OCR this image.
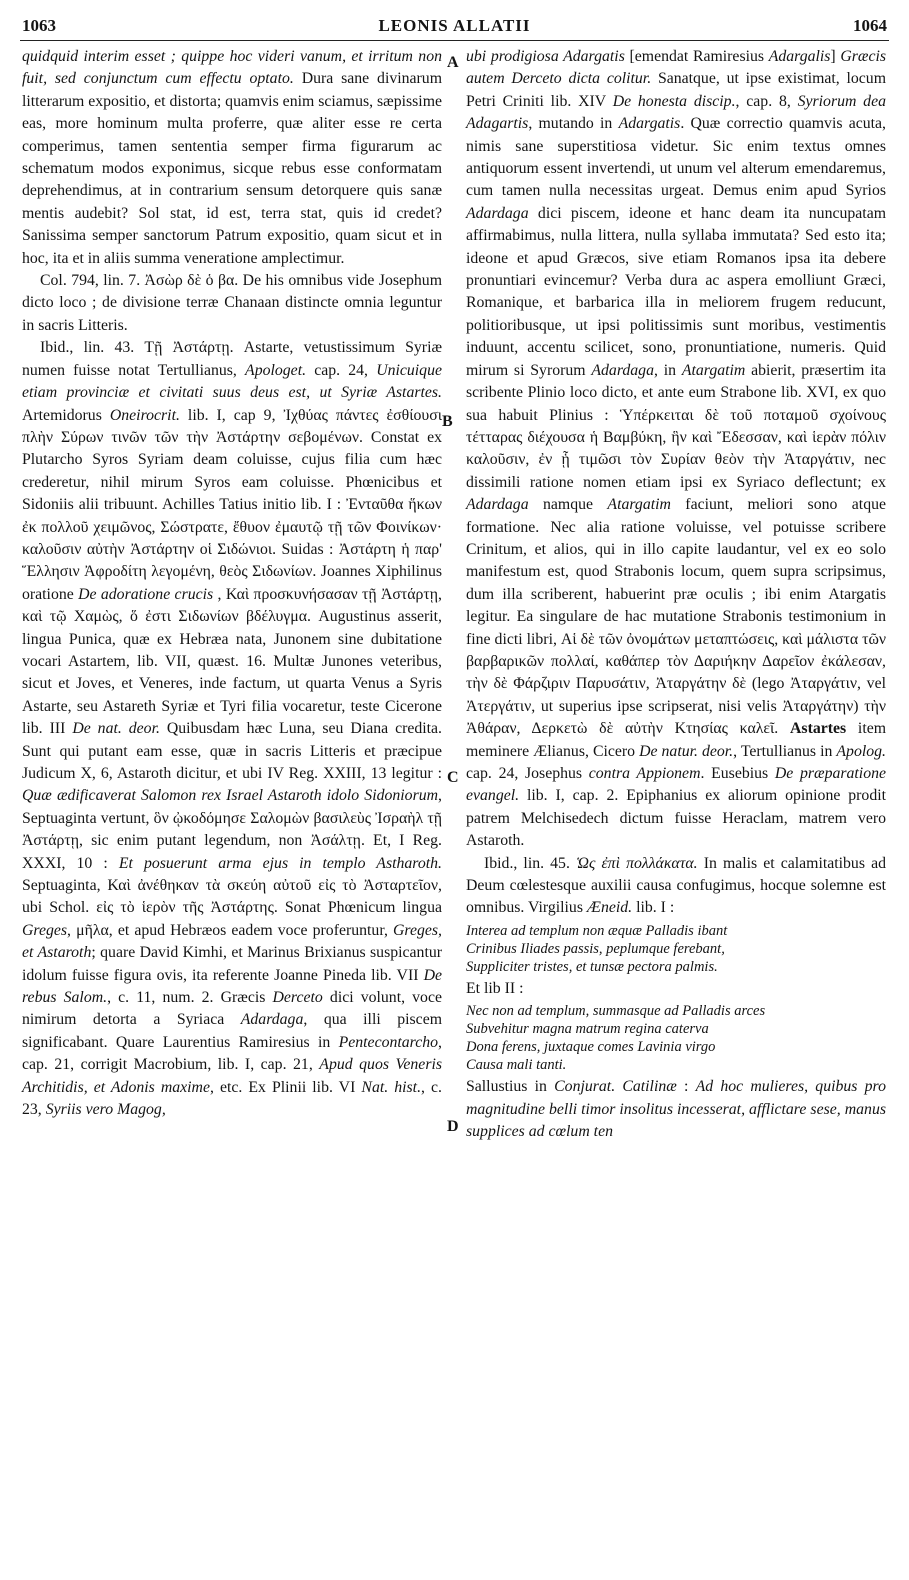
1063	LEONIS ALLATII	1064
A
B
C
D

quidquid interim esset ; quippe hoc videri vanum, et irritum non fuit, sed conjunctum cum effectu optato. Dura sane divinarum litterarum expositio, et distorta; quamvis enim sciamus, sæpissime eas, more hominum multa proferre, quæ aliter esse re certa comperimus, tamen sententia semper firma figurarum ac schematum modos exponimus, sicque rebus esse conformatam deprehendimus, at in contrarium sensum detorquere quis sanæ mentis audebit? Sol stat, id est, terra stat, quis id credet? Sanissima semper sanctorum Patrum expositio, quam sicut et in hoc, ita et in aliis summa veneratione amplectimur.

Col. 794, lin. 7. Ἀσὼρ δὲ ὁ βα. De his omnibus vide Josephum dicto loco ; de divisione terræ Chanaan distincte omnia leguntur in sacris Litteris.

Ibid., lin. 43. Τῇ Ἀστάρτῃ. Astarte, vetustissimum Syriæ numen fuisse notat Tertullianus, Apologet. cap. 24, Unicuique etiam provinciæ et civitati suus deus est, ut Syriæ Astartes. Artemidorus Oneirocrit. lib. I, cap 9, Ἰχθύας πάντες ἐσθίουσι πλὴν Σύρων τινῶν τῶν τὴν Ἀστάρτην σεβομένων. Constat ex Plutarcho Syros Syriam deam coluisse, cujus filia cum hæc crederetur, nihil mirum Syros eam coluisse. Phœnicibus et Sidoniis alii tribuunt. Achilles Tatius initio lib. I : Ἐνταῦθα ἥκων ἐκ πολλοῦ χειμῶνος, Σώστρατε, ἔθυον ἐμαυτῷ τῇ τῶν Φοινίκων· καλοῦσιν αὐτὴν Ἀστάρτην οἱ Σιδώνιοι. Suidas : Ἀστάρτη ἡ παρ' Ἕλλησιν Ἀφροδίτη λεγομένη, θεὸς Σιδωνίων. Joannes Xiphilinus oratione De adoratione crucis , Καὶ προσκυνήσασαν τῇ Ἀστάρτῃ, καὶ τῷ Χαμὼς, ὅ ἐστι Σιδωνίων βδέλυγμα. Augustinus asserit, lingua Punica, quæ ex Hebræa nata, Junonem sine dubitatione vocari Astartem, lib. VII, quæst. 16. Multæ Junones veteribus, sicut et Joves, et Veneres, inde factum, ut quarta Venus a Syris Astarte, seu Astareth Syriæ et Tyri filia vocaretur, teste Cicerone lib. III De nat. deor. Quibusdam hæc Luna, seu Diana credita. Sunt qui putant eam esse, quæ in sacris Litteris et præcipue Judicum X, 6, Astaroth dicitur, et ubi IV Reg. XXIII, 13 legitur : Quæ ædificaverat Salomon rex Israel Astaroth idolo Sidoniorum, Septuaginta vertunt, ὃν ᾠκοδόμησε Σαλομὼν βασιλεὺς Ἰσραὴλ τῇ Ἀστάρτῃ, sic enim putant legendum, non Ἀσάλτῃ. Et, I Reg. XXXI, 10 : Et posuerunt arma ejus in templo Astharoth. Septuaginta, Καὶ ἀνέθηκαν τὰ σκεύη αὐτοῦ εἰς τὸ Ἀσταρτεῖον, ubi Schol. εἰς τὸ ἱερὸν τῆς Ἀστάρτης. Sonat Phœnicum lingua Greges, μῆλα, et apud Hebræos eadem voce proferuntur, Greges, et Astaroth; quare David Kimhi, et Marinus Brixianus suspicantur idolum fuisse figura ovis, ita referente Joanne Pineda lib. VII De rebus Salom., c. 11, num. 2. Græcis Derceto dici volunt, voce nimirum detorta a Syriaca Adardaga, qua illi piscem significabant. Quare Laurentius Ramiresius in Pentecontarcho, cap. 21, corrigit Macrobium, lib. I, cap. 21, Apud quos Veneris Architidis, et Adonis maxime, etc. Ex Plinii lib. VI Nat. hist., c. 23, Syriis vero Magog,

ubi prodigiosa Adargatis [emendat Ramiresius Adargalis] Græcis autem Derceto dicta colitur. Sanatque, ut ipse existimat, locum Petri Criniti lib. XIV De honesta discip., cap. 8, Syriorum dea Adagartis, mutando in Adargatis. Quæ correctio quamvis acuta, nimis sane superstitiosa videtur. Sic enim textus omnes antiquorum essent invertendi, ut unum vel alterum emendaremus, cum tamen nulla necessitas urgeat. Demus enim apud Syrios Adardaga dici piscem, ideone et hanc deam ita nuncupatam affirmabimus, nulla littera, nulla syllaba immutata? Sed esto ita; ideone et apud Græcos, sive etiam Romanos ipsa ita debere pronuntiari evincemur? Verba dura ac aspera emolliunt Græci, Romanique, et barbarica illa in meliorem frugem reducunt, politioribusque, ut ipsi politissimis sunt moribus, vestimentis induunt, accentu scilicet, sono, pronuntiatione, numeris. Quid mirum si Syrorum Adardaga, in Atargatim abierit, præsertim ita scribente Plinio loco dicto, et ante eum Strabone lib. XVI, ex quo sua habuit Plinius : Ὑπέρκειται δὲ τοῦ ποταμοῦ σχοίνους τέτταρας διέχουσα ἡ Βαμβύκη, ἣν καὶ Ἔδεσσαν, καὶ ἱερὰν πόλιν καλοῦσιν, ἐν ᾗ τιμῶσι τὸν Συρίαν θεὸν τὴν Ἀταργάτιν, nec dissimili ratione nomen etiam ipsi ex Syriaco deflectunt; ex Adardaga namque Atargatim faciunt, meliori sono atque formatione. Nec alia ratione voluisse, vel potuisse scribere Crinitum, et alios, qui in illo capite laudantur, vel ex eo solo manifestum est, quod Strabonis locum, quem supra scripsimus, dum illa scriberent, habuerint præ oculis ; ibi enim Atargatis legitur. Ea singulare de hac mutatione Strabonis testimonium in fine dicti libri, Αἱ δὲ τῶν ὀνομάτων μεταπτώσεις, καὶ μάλιστα τῶν βαρβαρικῶν πολλαί, καθάπερ τὸν Δαριήκην Δαρεῖον ἐκάλεσαν, τὴν δὲ Φάρζιριν Παρυσάτιν, Ἀταργάτην δὲ (lego Ἀταργάτιν, vel Ἀτεργάτιν, ut superius ipse scripserat, nisi velis Ἀταργάτην) τὴν Ἀθάραν, Δερκετὼ δὲ αὐτὴν Κτησίας καλεῖ. Astartes item meminere Ælianus, Cicero De natur. deor., Tertullianus in Apolog. cap. 24, Josephus contra Appionem. Eusebius De præparatione evangel. lib. I, cap. 2. Epiphanius ex aliorum opinione prodit patrem Melchisedech dictum fuisse Heraclam, matrem vero Astaroth.

Ibid., lin. 45. Ὡς ἐπὶ πολλάκατα. In malis et calamitatibus ad Deum cœlestesque auxilii causa confugimus, hocque solemne est omnibus. Virgilius Æneid. lib. I :

Interea ad templum non æquæ Palladis ibant
Crinibus Iliades passis, peplumque ferebant,
Suppliciter tristes, et tunsæ pectora palmis.

Et lib II :

Nec non ad templum, summasque ad Palladis arces
Subvehitur magna matrum regina caterva
Dona ferens, juxtaque comes Lavinia virgo
Causa mali tanti.

Sallustius in Conjurat. Catilinæ : Ad hoc mulieres, quibus pro magnitudine belli timor insolitus incesserat, afflictare sese, manus supplices ad cœlum ten
